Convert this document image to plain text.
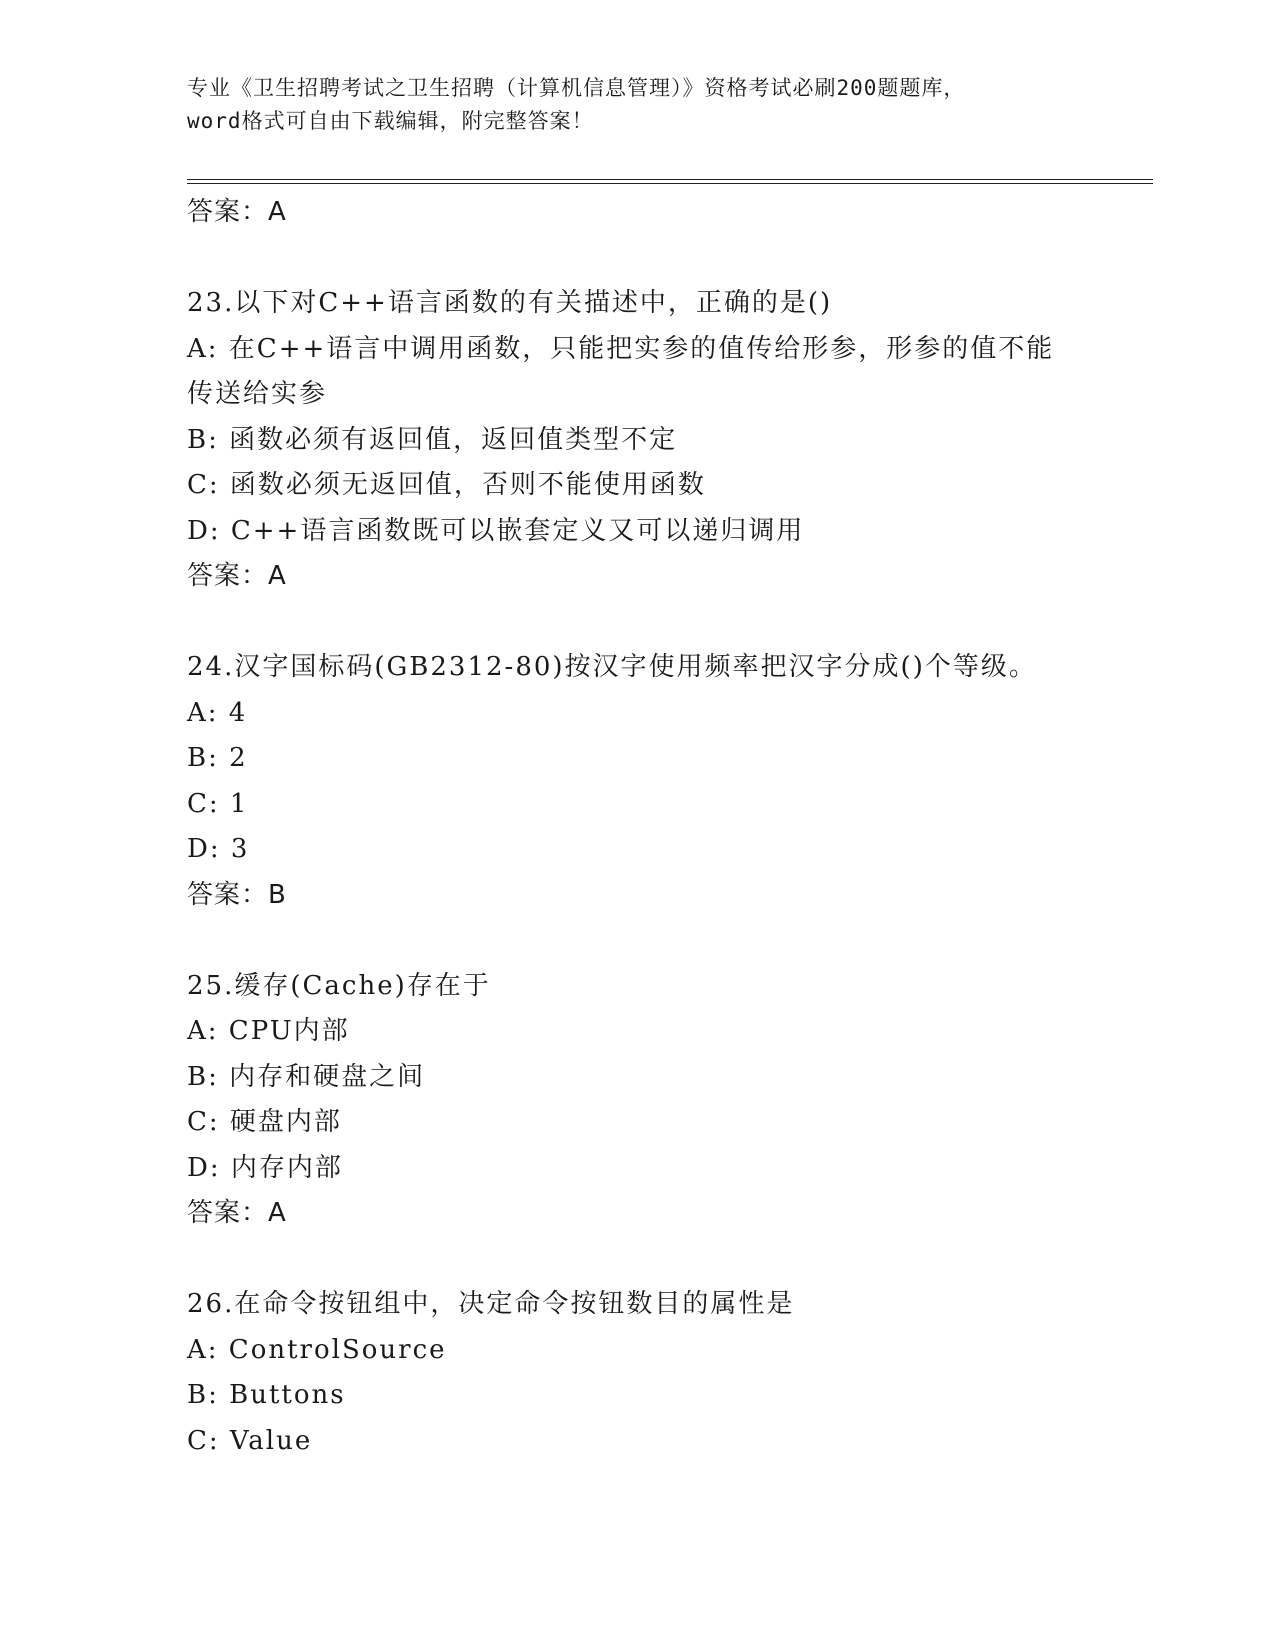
专业《卫生招聘考试之卫生招聘（计算机信息管理）》资格考试必刷200题题库，
word格式可自由下载编辑，附完整答案！
答案：A
23.以下对C++语言函数的有关描述中，正确的是()
A: 在C++语言中调用函数，只能把实参的值传给形参，形参的值不能
传送给实参
B: 函数必须有返回值，返回值类型不定
C: 函数必须无返回值，否则不能使用函数
D: C++语言函数既可以嵌套定义又可以递归调用
答案：A
24.汉字国标码(GB2312-80)按汉字使用频率把汉字分成()个等级。
A: 4
B: 2
C: 1
D: 3
答案：B
25.缓存(Cache)存在于
A: CPU内部
B: 内存和硬盘之间
C: 硬盘内部
D: 内存内部
答案：A
26.在命令按钮组中，决定命令按钮数目的属性是
A: ControlSource
B: Buttons
C: Value
